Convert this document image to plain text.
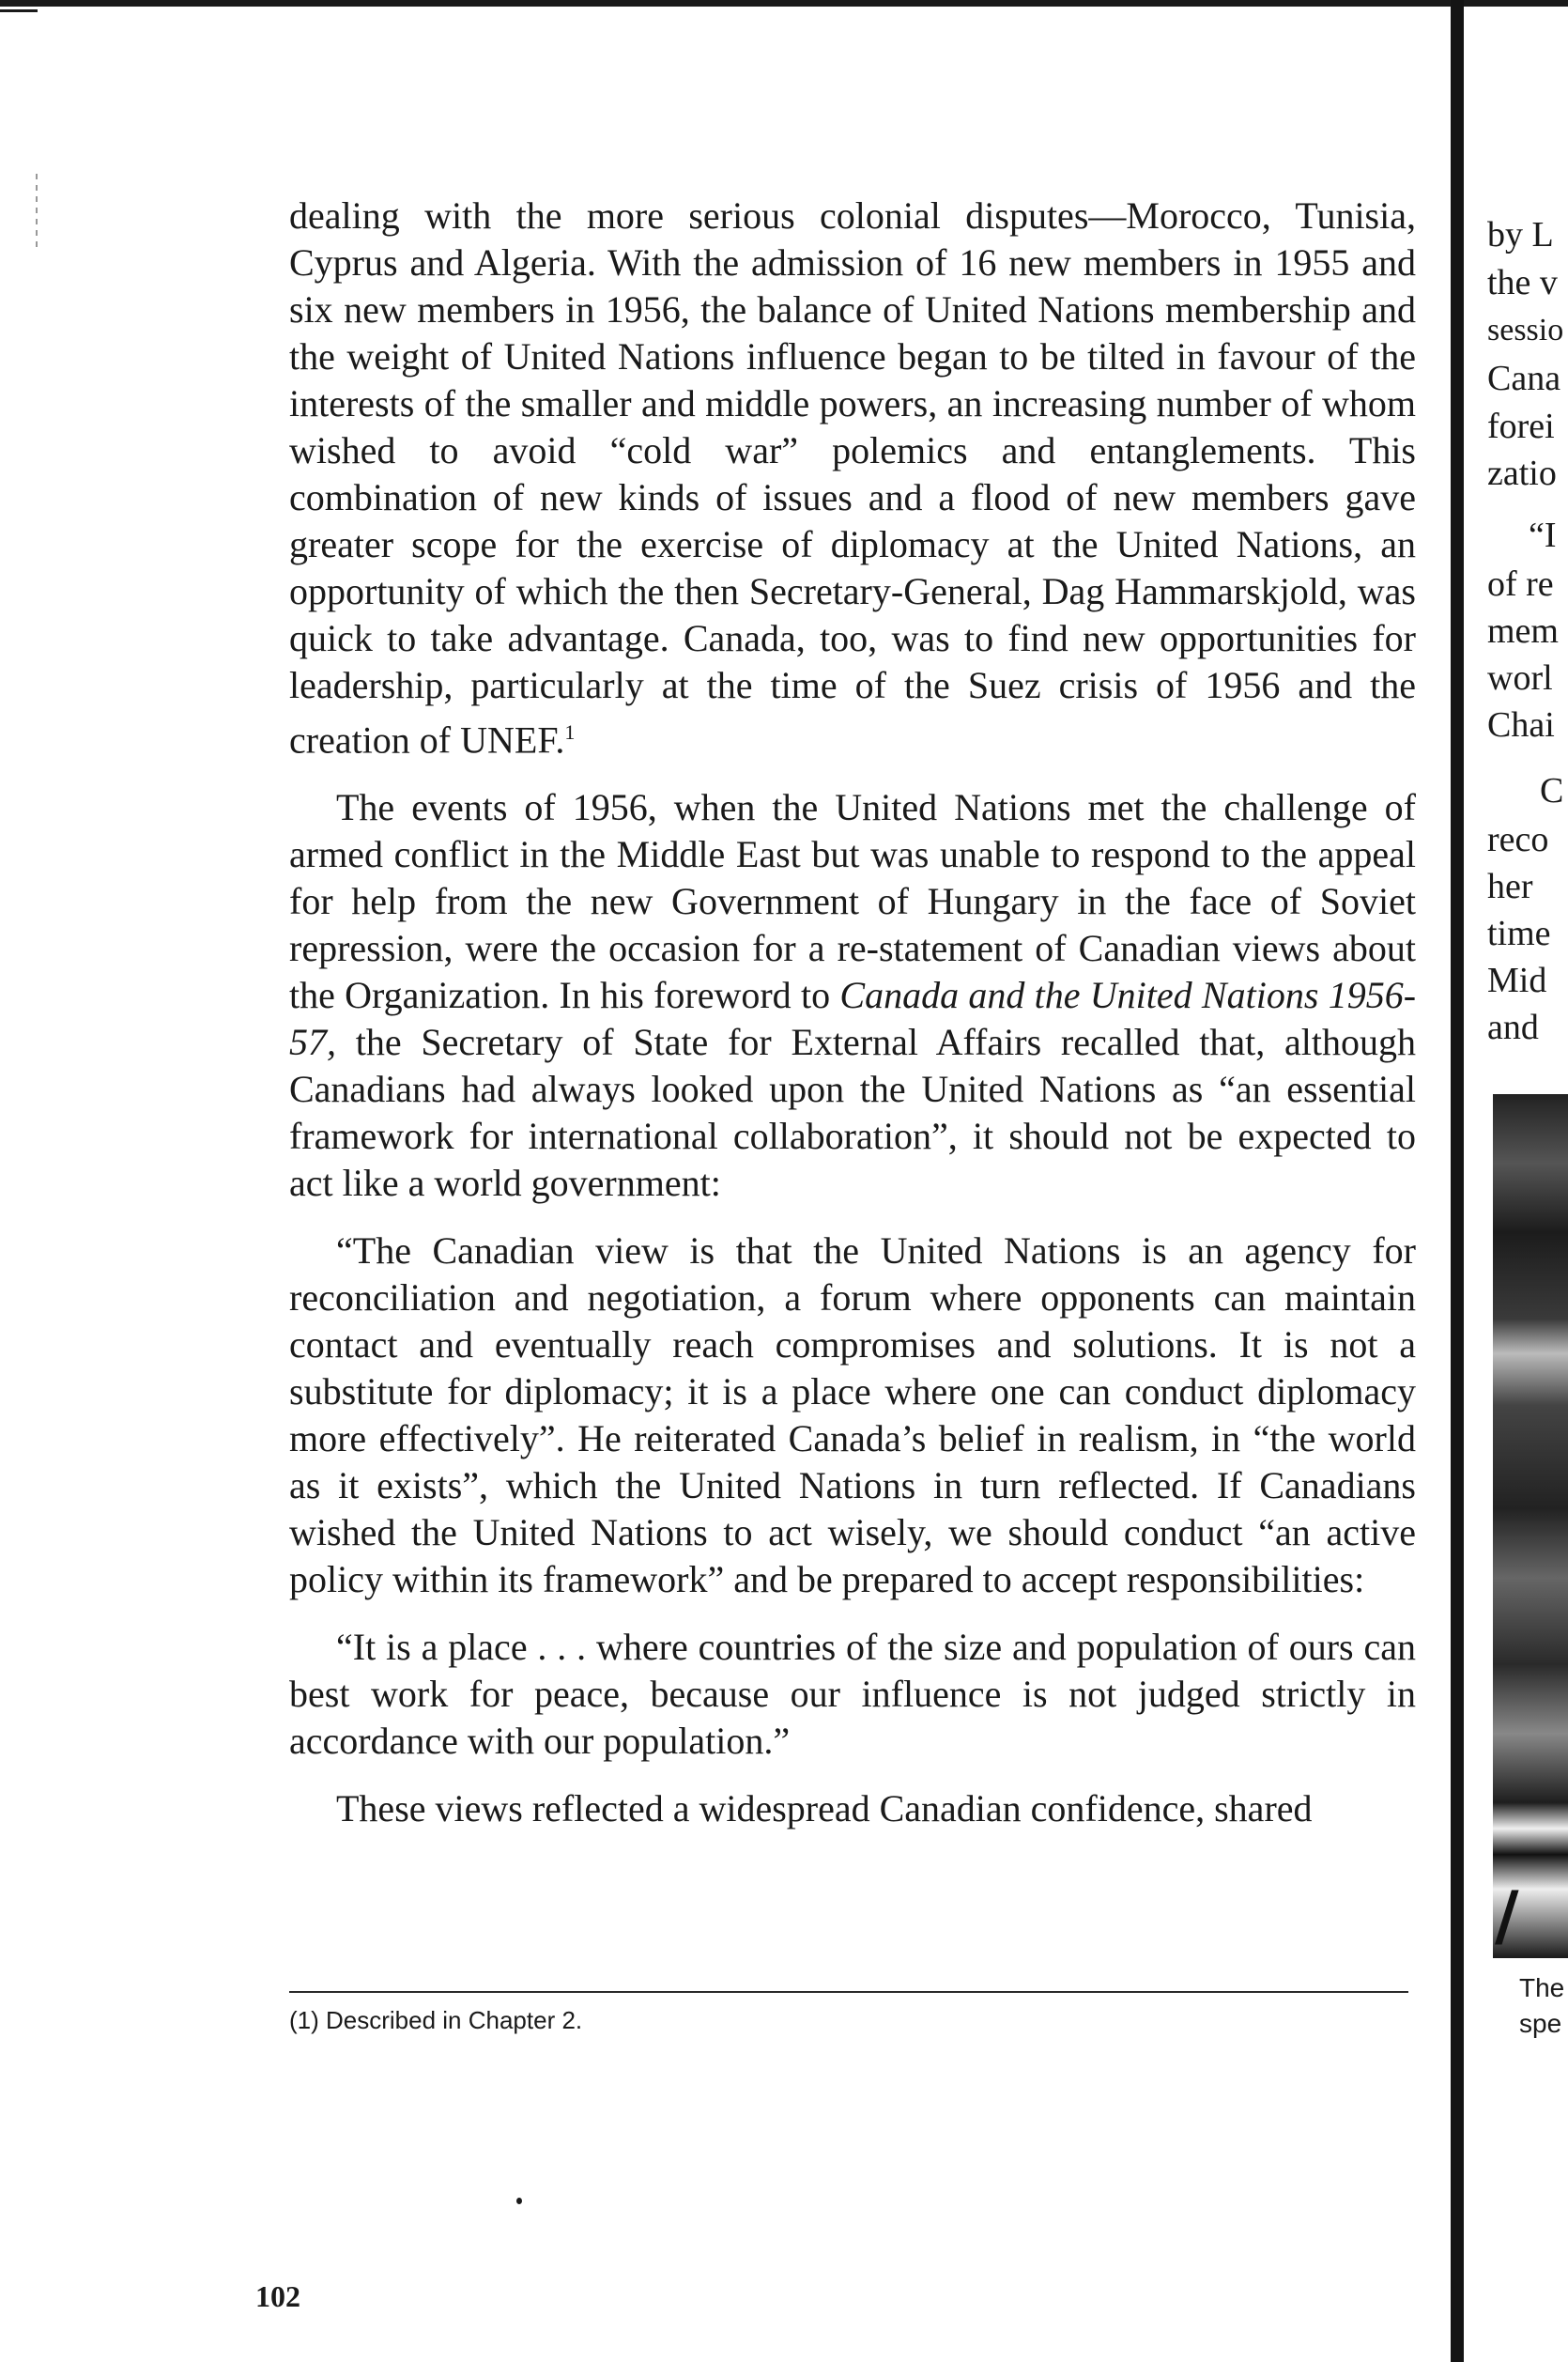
dealing with the more serious colonial disputes—Morocco, Tunisia, Cyprus and Algeria. With the admission of 16 new members in 1955 and six new members in 1956, the balance of United Nations membership and the weight of United Nations influence began to be tilted in favour of the interests of the smaller and middle powers, an increasing number of whom wished to avoid “cold war” polemics and entanglements. This combination of new kinds of issues and a flood of new members gave greater scope for the exercise of diplomacy at the United Nations, an opportunity of which the then Secretary-General, Dag Hammarskjold, was quick to take advantage. Canada, too, was to find new opportunities for leadership, particularly at the time of the Suez crisis of 1956 and the creation of UNEF.$^1$

The events of 1956, when the United Nations met the challenge of armed conflict in the Middle East but was unable to respond to the appeal for help from the new Government of Hungary in the face of Soviet repression, were the occasion for a re-statement of Canadian views about the Organization. In his foreword to Canada and the United Nations 1956-57, the Secretary of State for External Affairs recalled that, although Canadians had always looked upon the United Nations as “an essential framework for international collaboration”, it should not be expected to act like a world government:

“The Canadian view is that the United Nations is an agency for reconciliation and negotiation, a forum where opponents can maintain contact and eventually reach compromises and solutions. It is not a substitute for diplomacy; it is a place where one can conduct diplomacy more effectively”. He reiterated Canada’s belief in realism, in “the world as it exists”, which the United Nations in turn reflected. If Canadians wished the United Nations to act wisely, we should conduct “an active policy within its framework” and be prepared to accept responsibilities:

“It is a place . . . where countries of the size and population of ours can best work for peace, because our influence is not judged strictly in accordance with our population.”

These views reflected a widespread Canadian confidence, shared

(1) Described in Chapter 2.
102
by L
the v
sessio
Cana
forei
zatio
“I
of re
mem
worl
Chai
C
reco
her
time
Mid
and
/
The
spe
